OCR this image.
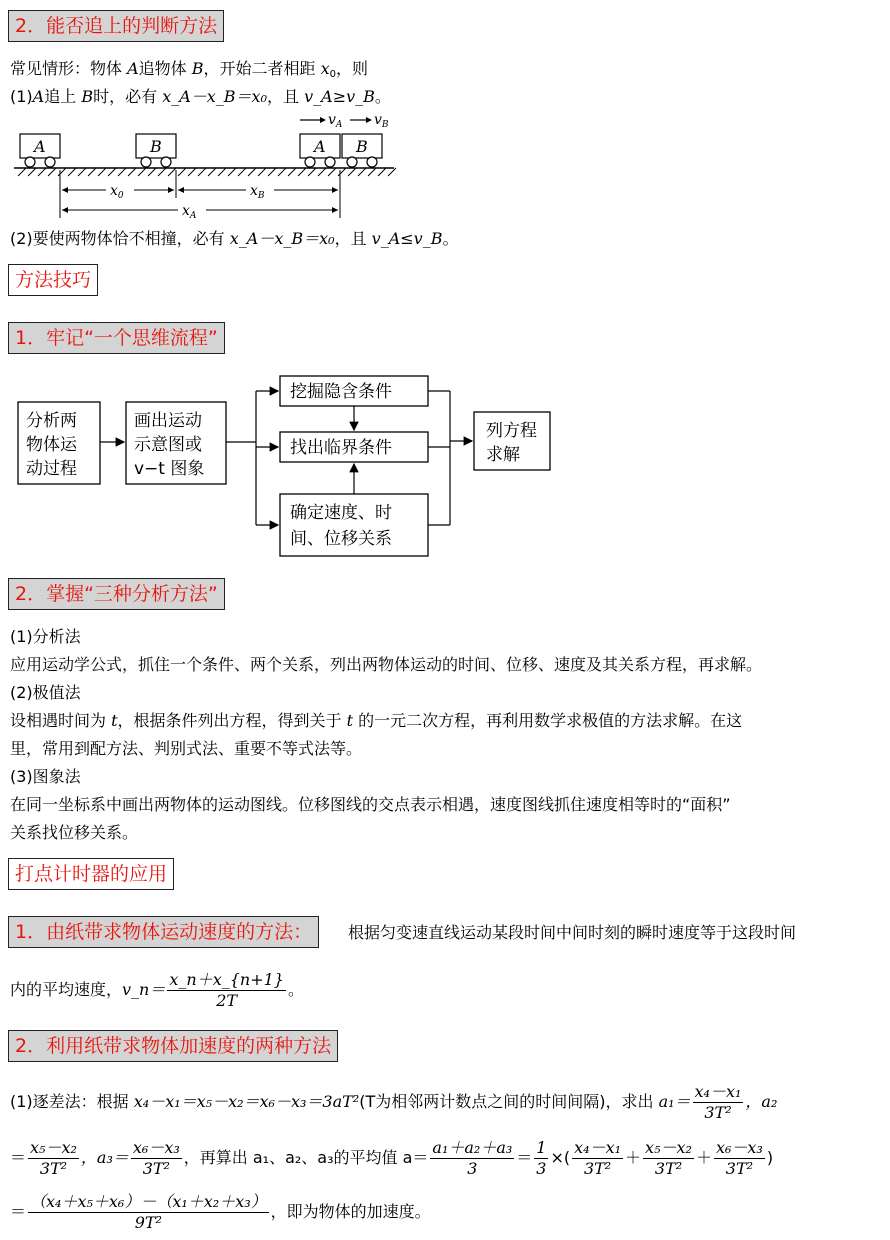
2．能否追上的判断方法
常见情形：物体 A追物体 B，开始二者相距 $x_0$，则
(1)A追上 B时，必有 x_A－x_B＝x₀，且 v_A≥v_B。
$v_A$ $v_B$
A	B	A B
$x_0$	$x_B$
$x_A$
(2)要使两物体恰不相撞，必有 x_A－x_B＝x₀，且 v_A≤v_B。
方法技巧
1．牢记“一个思维流程”
分析两
物体运
动过程
画出运动
示意图或
v−t 图象
挖掘隐含条件
找出临界条件
确定速度、时
间、位移关系
列方程
求解
2．掌握“三种分析方法”
(1)分析法
应用运动学公式，抓住一个条件、两个关系，列出两物体运动的时间、位移、速度及其关系方程，再求解。
(2)极值法
设相遇时间为 t，根据条件列出方程，得到关于 t 的一元二次方程，再利用数学求极值的方法求解。在这
里，常用到配方法、判别式法、重要不等式法等。
(3)图象法
在同一坐标系中画出两物体的运动图线。位移图线的交点表示相遇，速度图线抓住速度相等时的“面积”
关系找位移关系。
打点计时器的应用
1．由纸带求物体运动速度的方法：	根据匀变速直线运动某段时间中间时刻的瞬时速度等于这段时间
内的平均速度，v_n＝ $\frac{x\_n+x\_\{n+1\}}{2T}$ 。
2．利用纸带求物体加速度的两种方法
(1)逐差法：根据 x₄－x₁＝x₅－x₂＝x₆－x₃＝3aT²(T为相邻两计数点之间的时间间隔)，求出 $a_1= \frac{\text{x₄－x₁}}{\text{3T²}}$ ，a₂
＝ $\frac{\text{x₅－x₂}}{\text{3T²}}$ ，$a_3= \frac{\text{x₆－x₃}}{\text{3T²}}$ ，再算出 a₁、a₂、a₃的平均值 $a= \frac{\text{a₁＋a₂＋a₃}}{3} = \frac{1}{3}$ ×( $\frac{\text{x₄－x₁}}{\text{3T²}} + \frac{\text{x₅－x₂}}{\text{3T²}} + \frac{\text{x₆－x₃}}{\text{3T²}}$ )
＝ $\frac{\text{（x₄＋x₅＋x₆）－（x₁＋x₂＋x₃）}}{\text{9T²}}$ ，即为物体的加速度。
